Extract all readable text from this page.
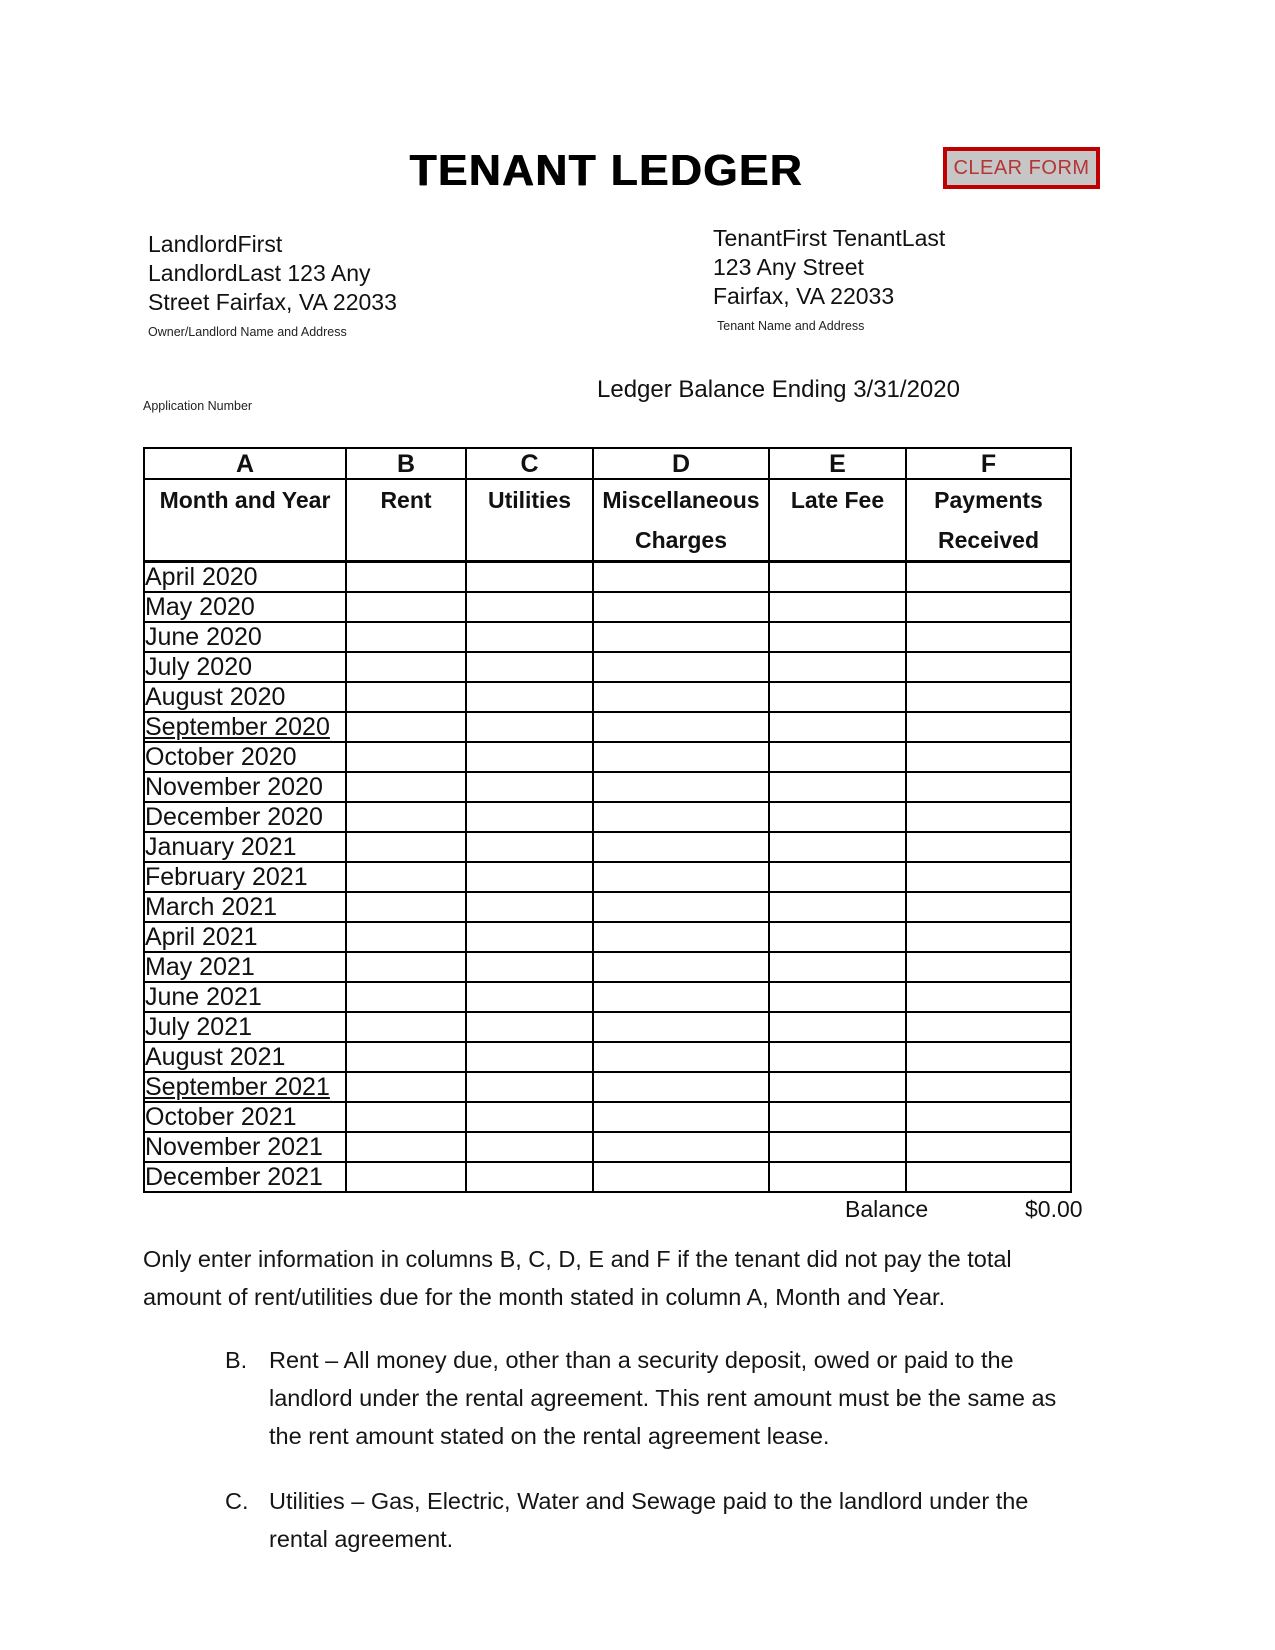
TENANT LEDGER	CLEAR FORM
LandlordFirst
LandlordLast 123 Any
Street Fairfax, VA 22033
Owner/Landlord Name and Address
TenantFirst TenantLast
123 Any Street
Fairfax, VA 22033
Tenant Name and Address
Ledger Balance Ending 3/31/2020
Application Number
A	B	C	D	E	F
Month and Year	Rent	Utilities	Miscellaneous Charges	Late Fee	Payments Received
April 2020					
May 2020					
June 2020					
July 2020					
August 2020					
September 2020					
October 2020					
November 2020					
December 2020					
January 2021					
February 2021					
March 2021					
April 2021					
May 2021					
June 2021					
July 2021					
August 2021					
September 2021					
October 2021					
November 2021					
December 2021					
Balance	$0.00

Only enter information in columns B, C, D, E and F if the tenant did not pay the total amount of rent/utilities due for the month stated in column A, Month and Year.

B. Rent – All money due, other than a security deposit, owed or paid to the landlord under the rental agreement. This rent amount must be the same as the rent amount stated on the rental agreement lease.
C. Utilities – Gas, Electric, Water and Sewage paid to the landlord under the rental agreement.
